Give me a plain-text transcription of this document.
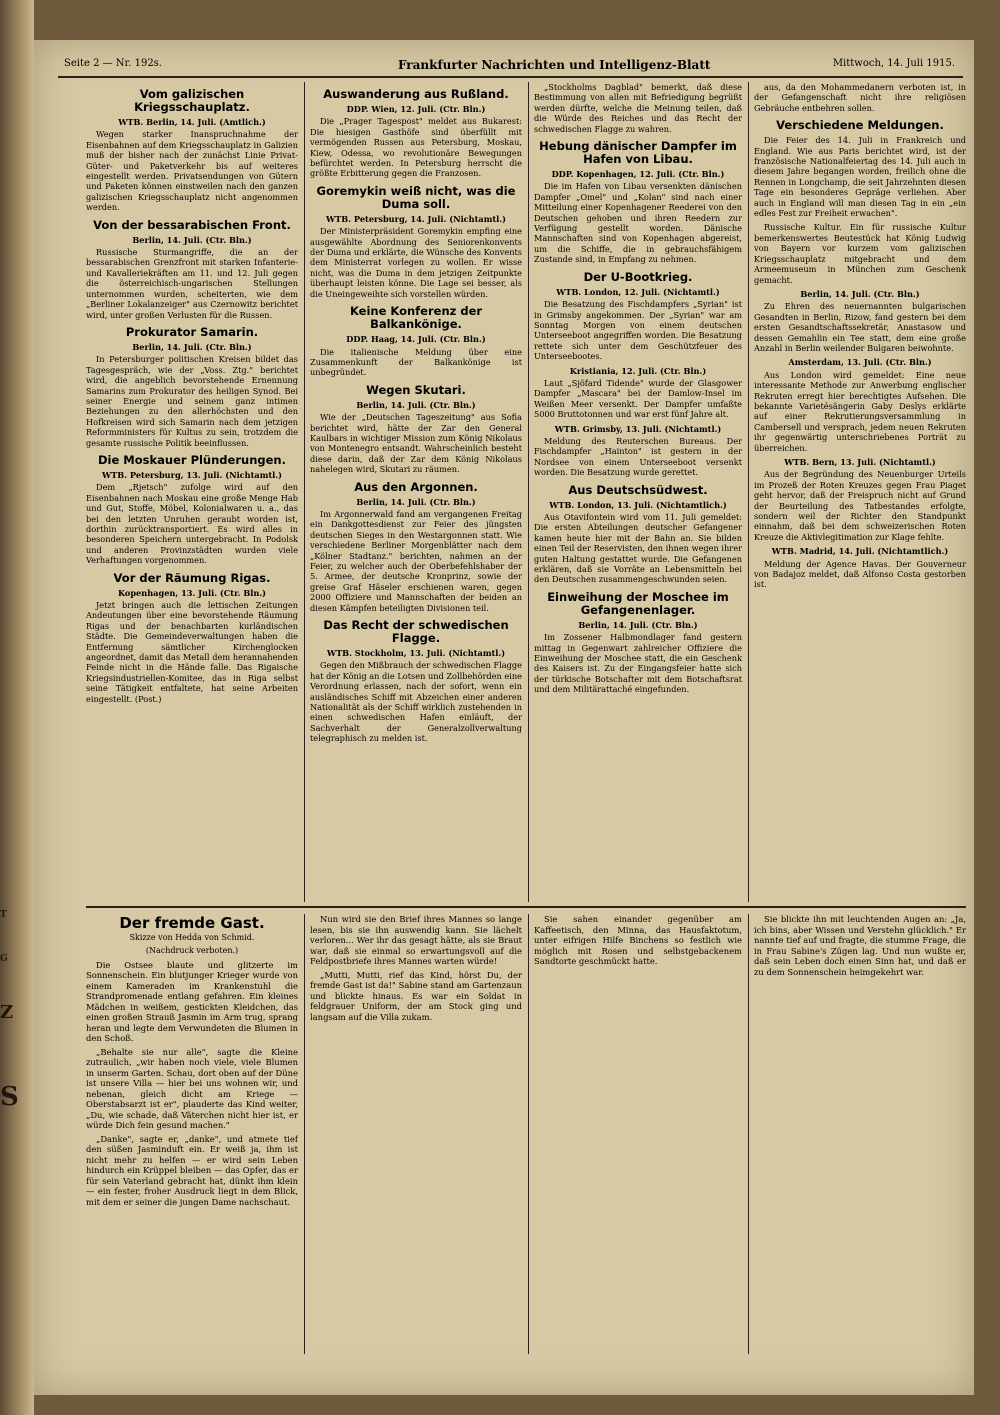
Seite 2 — Nr. 192s.	Frankfurter Nachrichten und Intelligenz-Blatt	Mittwoch, 14. Juli 1915.
Vom galizischen Kriegsschauplatz.
WTB. Berlin, 14. Juli. (Amtlich.)

Wegen starker Inanspruchnahme der Eisenbahnen auf dem Kriegsschauplatz in Galizien muß der bisher nach der zunächst Linie Privat-Güter- und Paketverkehr bis auf weiteres eingestellt werden. Privatsendungen von Gütern und Paketen können einstweilen nach den ganzen galizischen Kriegsschauplatz nicht angenommen werden.

Von der bessarabischen Front.
Berlin, 14. Juli. (Ctr. Bln.)

Russische Sturmangriffe, die an der bessarabischen Grenzfront mit starken Infanterie- und Kavalleriekräften am 11. und 12. Juli gegen die österreichisch-ungarischen Stellungen unternommen wurden, scheiterten, wie dem „Berliner Lokalanzeiger" aus Czernowitz berichtet wird, unter großen Verlusten für die Russen.

Prokurator Samarin.
Berlin, 14. Juli. (Ctr. Bln.)

In Petersburger politischen Kreisen bildet das Tagesgespräch, wie der „Voss. Ztg." berichtet wird, die angeblich bevorstehende Ernennung Samarins zum Prokurator des heiligen Synod. Bei seiner Energie und seinem ganz intimen Beziehungen zu den allerhöchsten und den Hofkreisen wird sich Samarin nach dem jetzigen Reformministers für Kultus zu sein, trotzdem die gesamte russische Politik beeinflussen.

Die Moskauer Plünderungen.
WTB. Petersburg, 13. Juli. (Nichtamtl.)

Dem „Rjetsch" zufolge wird auf den Eisenbahnen nach Moskau eine große Menge Hab und Gut, Stoffe, Möbel, Kolonialwaren u. a., das bei den letzten Unruhen geraubt worden ist, dorthin zurücktransportiert. Es wird alles in besonderen Speichern untergebracht. In Podolsk und anderen Provinzstädten wurden viele Verhaftungen vorgenommen.

Vor der Räumung Rigas.
Kopenhagen, 13. Juli. (Ctr. Bln.)

Jetzt bringen auch die lettischen Zeitungen Andeutungen über eine bevorstehende Räumung Rigas und der benachbarten kurländischen Städte. Die Gemeindeverwaltungen haben die Entfernung sämtlicher Kirchenglocken angeordnet, damit das Metall dem herannahenden Feinde nicht in die Hände falle. Das Rigaische Kriegsindustriellen-Komitee, das in Riga selbst seine Tätigkeit entfaltete, hat seine Arbeiten eingestellt. (Post.)

Auswanderung aus Rußland.
DDP. Wien, 12. Juli. (Ctr. Bln.)

Die „Prager Tagespost" meldet aus Bukarest: Die hiesigen Gasthöfe sind überfüllt mit vermögenden Russen aus Petersburg, Moskau, Kiew, Odessa, wo revolutionäre Bewegungen befürchtet werden. In Petersburg herrscht die größte Erbitterung gegen die Franzosen.

Goremykin weiß nicht, was die Duma soll.
WTB. Petersburg, 14. Juli. (Nichtamtl.)

Der Ministerpräsident Goremykin empfing eine ausgewählte Abordnung des Seniorenkonvents der Duma und erklärte, die Wünsche des Konvents dem Ministerrat vorlegen zu wollen. Er wisse nicht, was die Duma in dem jetzigen Zeitpunkte überhaupt leisten könne. Die Lage sei besser, als die Uneingeweihte sich vorstellen würden.

Keine Konferenz der Balkankönige.
DDP. Haag, 14. Juli. (Ctr. Bln.)

Die italienische Meldung über eine Zusammenkunft der Balkankönige ist unbegründet.

Wegen Skutari.
Berlin, 14. Juli. (Ctr. Bln.)

Wie der „Deutschen Tageszeitung" aus Sofia berichtet wird, hätte der Zar den General Kaulbars in wichtiger Mission zum König Nikolaus von Montenegro entsandt. Wahrscheinlich besteht diese darin, daß der Zar dem König Nikolaus nahelegen wird, Skutari zu räumen.

Aus den Argonnen.
Berlin, 14. Juli. (Ctr. Bln.)

Im Argonnerwald fand am vergangenen Freitag ein Dankgottesdienst zur Feier des jüngsten deutschen Sieges in den Westargonnen statt. Wie verschiedene Berliner Morgenblätter nach dem „Kölner Stadtanz." berichten, nahmen an der Feier, zu welcher auch der Oberbefehlshaber der 5. Armee, der deutsche Kronprinz, sowie der greise Graf Häseler erschienen waren, gegen 2000 Offiziere und Mannschaften der beiden an diesen Kämpfen beteiligten Divisionen teil.

Das Recht der schwedischen Flagge.
WTB. Stockholm, 13. Juli. (Nichtamtl.)

Gegen den Mißbrauch der schwedischen Flagge hat der König an die Lotsen und Zollbehörden eine Verordnung erlassen, nach der sofort, wenn ein ausländisches Schiff mit Abzeichen einer anderen Nationalität als der Schiff wirklich zustehenden in einen schwedischen Hafen einläuft, der Sachverhalt der Generalzollverwaltung telegraphisch zu melden ist.

„Stockholms Dagblad" bemerkt, daß diese Bestimmung von allen mit Befriedigung begrüßt werden dürfte, welche die Meinung teilen, daß die Würde des Reiches und das Recht der schwedischen Flagge zu wahren.

Hebung dänischer Dampfer im Hafen von Libau.
DDP. Kopenhagen, 12. Juli. (Ctr. Bln.)

Die im Hafen von Libau versenkten dänischen Dampfer „Omel" und „Kolan" sind nach einer Mitteilung einer Kopenhagener Reederei von den Deutschen gehoben und ihren Reedern zur Verfügung gestellt worden. Dänische Mannschaften sind von Kopenhagen abgereist, um die Schiffe, die in gebrauchsfähigem Zustande sind, in Empfang zu nehmen.

Der U-Bootkrieg.
WTB. London, 12. Juli. (Nichtamtl.)

Die Besatzung des Fischdampfers „Syrian" ist in Grimsby angekommen. Der „Syrian" war am Sonntag Morgen von einem deutschen Unterseeboot angegriffen worden. Die Besatzung rettete sich unter dem Geschützfeuer des Unterseebootes.

Kristiania, 12. Juli. (Ctr. Bln.)

Laut „Sjöfard Tidende" wurde der Glasgower Dampfer „Mascara" bei der Damlow-Insel im Weißen Meer versenkt. Der Dampfer umfaßte 5000 Bruttotonnen und war erst fünf Jahre alt.

WTB. Grimsby, 13. Juli. (Nichtamtl.)

Meldung des Reuterschen Bureaus. Der Fischdampfer „Hainton" ist gestern in der Nordsee von einem Unterseeboot versenkt worden. Die Besatzung wurde gerettet.

Aus Deutschsüdwest.
WTB. London, 13. Juli. (Nichtamtlich.)

Aus Otavifontein wird vom 11. Juli gemeldet: Die ersten Abteilungen deutscher Gefangener kamen heute hier mit der Bahn an. Sie bilden einen Teil der Reservisten, den ihnen wegen ihrer guten Haltung gestattet wurde. Die Gefangenen erklären, daß sie Vorräte an Lebensmitteln bei den Deutschen zusammengeschwunden seien.

Einweihung der Moschee im Gefangenenlager.
Berlin, 14. Juli. (Ctr. Bln.)

Im Zossener Halbmondlager fand gestern mittag in Gegenwart zahlreicher Offiziere die Einweihung der Moschee statt, die ein Geschenk des Kaisers ist. Zu der Eingangsfeier hatte sich der türkische Botschafter mit dem Botschaftsrat und dem Militärattaché eingefunden.

aus, da den Mohammedanern verboten ist, in der Gefangenschaft nicht ihre religiösen Gebräuche entbehren sollen.

Verschiedene Meldungen.

Die Feier des 14. Juli in Frankreich und England. Wie aus Paris berichtet wird, ist der französische Nationalfeiertag des 14. Juli auch in diesem Jahre begangen worden, freilich ohne die Rennen in Longchamp, die seit Jahrzehnten diesen Tage ein besonderes Gepräge verliehen. Aber auch in England will man diesen Tag in ein „ein edles Fest zur Freiheit erwachen".

Russische Kultur. Ein für russische Kultur bemerkenswertes Beutestück hat König Ludwig von Bayern vor kurzem vom galizischen Kriegsschauplatz mitgebracht und dem Armeemuseum in München zum Geschenk gemacht.

Berlin, 14. Juli. (Ctr. Bln.)

Zu Ehren des neuernannten bulgarischen Gesandten in Berlin, Rizow, fand gestern bei dem ersten Gesandtschaftssekretär, Anastasow und dessen Gemahlin ein Tee statt, dem eine große Anzahl in Berlin weilender Bulgaren beiwohnte.

Amsterdam, 13. Juli. (Ctr. Bln.)

Aus London wird gemeldet: Eine neue interessante Methode zur Anwerbung englischer Rekruten erregt hier berechtigtes Aufsehen. Die bekannte Varietésängerin Gaby Deslys erklärte auf einer Rekrutierungsversammlung in Cambersell und versprach, jedem neuen Rekruten ihr gegenwärtig unterschriebenes Porträt zu überreichen.

WTB. Bern, 13. Juli. (Nichtamtl.)

Aus der Begründung des Neuenburger Urteils im Prozeß der Roten Kreuzes gegen Frau Piaget geht hervor, daß der Freispruch nicht auf Grund der Beurteilung des Tatbestandes erfolgte, sondern weil der Richter den Standpunkt einnahm, daß bei dem schweizerischen Roten Kreuze die Aktivlegitimation zur Klage fehlte.

WTB. Madrid, 14. Juli. (Nichtamtlich.)

Meldung der Agence Havas. Der Gouverneur von Badajoz meldet, daß Alfonso Costa gestorben ist.

Der fremde Gast.
Skizze von Hedda von Schmid.
(Nachdruck verboten.)

Die Ostsee blaute und glitzerte im Sonnenschein. Ein blutjunger Krieger wurde von einem Kameraden im Krankenstuhl die Strandpromenade entlang gefahren. Ein kleines Mädchen in weißem, gestickten Kleidchen, das einen großen Strauß Jasmin im Arm trug, sprang heran und legte dem Verwundeten die Blumen in den Schoß.

„Behalte sie nur alle", sagte die Kleine zutraulich, „wir haben noch viele, viele Blumen in unserm Garten. Schau, dort oben auf der Düne ist unsere Villa — hier bei uns wohnen wir, und nebenan, gleich dicht am Kriege — Oberstabsarzt ist er", plauderte das Kind weiter, „Du, wie schade, daß Väterchen nicht hier ist, er würde Dich fein gesund machen."

„Danke", sagte er, „danke", und atmete tief den süßen Jasminduft ein. Er weiß ja, ihm ist nicht mehr zu helfen — er wird sein Leben hindurch ein Krüppel bleiben — das Opfer, das er für sein Vaterland gebracht hat, dünkt ihm klein — ein fester, froher Ausdruck liegt in dem Blick, mit dem er seiner die jungen Dame nachschaut.

Nun wird sie den Brief ihres Mannes so lange lesen, bis sie ihn auswendig kann. Sie lächelt verloren... Wer ihr das gesagt hätte, als sie Braut war, daß sie einmal so erwartungsvoll auf die Feldpostbriefe ihres Mannes warten würde!

„Mutti, Mutti, rief das Kind, hörst Du, der fremde Gast ist da!" Sabine stand am Gartenzaun und blickte hinaus. Es war ein Soldat in feldgrauer Uniform, der am Stock ging und langsam auf die Villa zukam.

Sie sahen einander gegenüber am Kaffeetisch, den Minna, das Hausfaktotum, unter eifrigen Hilfe Binchens so festlich wie möglich mit Rosen und selbstgebackenem Sandtorte geschmückt hatte.

Sie blickte ihn mit leuchtenden Augen an: „Ja, ich bins, aber Wissen und Verstehn glücklich." Er nannte tief auf und fragte, die stumme Frage, die in Frau Sabine's Zügen lag. Und nun wußte er, daß sein Leben doch einen Sinn hat, und daß er zu dem Sonnenschein heimgekehrt war.

T
G
Z
S
